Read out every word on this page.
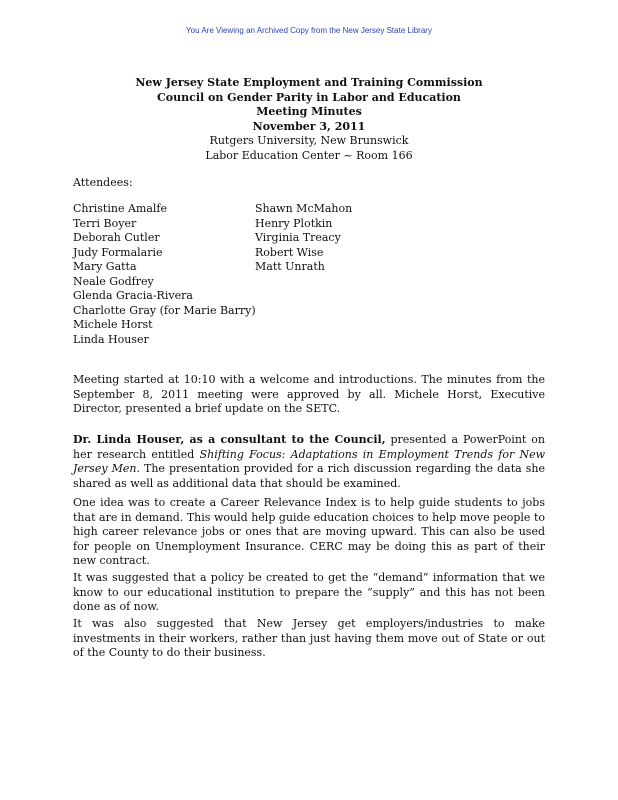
You Are Viewing an Archived Copy from the New Jersey State Library
New Jersey State Employment and Training Commission
Council on Gender Parity in Labor and Education
Meeting Minutes
November 3, 2011
Rutgers University, New Brunswick
Labor Education Center ~ Room 166
Attendees:
Christine Amalfe
Terri Boyer
Deborah Cutler
Judy Formalarie
Mary Gatta
Neale Godfrey
Glenda Gracia-Rivera
Charlotte Gray (for Marie Barry)
Michele Horst
Linda Houser
Shawn McMahon
Henry Plotkin
Virginia Treacy
Robert Wise
Matt Unrath

Meeting started at 10:10 with a welcome and introductions. The minutes from the September 8, 2011 meeting were approved by all. Michele Horst, Executive Director, presented a brief update on the SETC.

Dr. Linda Houser, as a consultant to the Council, presented a PowerPoint on her research entitled Shifting Focus: Adaptations in Employment Trends for New Jersey Men. The presentation provided for a rich discussion regarding the data she shared as well as additional data that should be examined.

One idea was to create a Career Relevance Index is to help guide students to jobs that are in demand. This would help guide education choices to help move people to high career relevance jobs or ones that are moving upward. This can also be used for people on Unemployment Insurance. CERC may be doing this as part of their new contract.

It was suggested that a policy be created to get the “demand” information that we know to our educational institution to prepare the “supply” and this has not been done as of now.

It was also suggested that New Jersey get employers/industries to make investments in their workers, rather than just having them move out of State or out of the County to do their business.
